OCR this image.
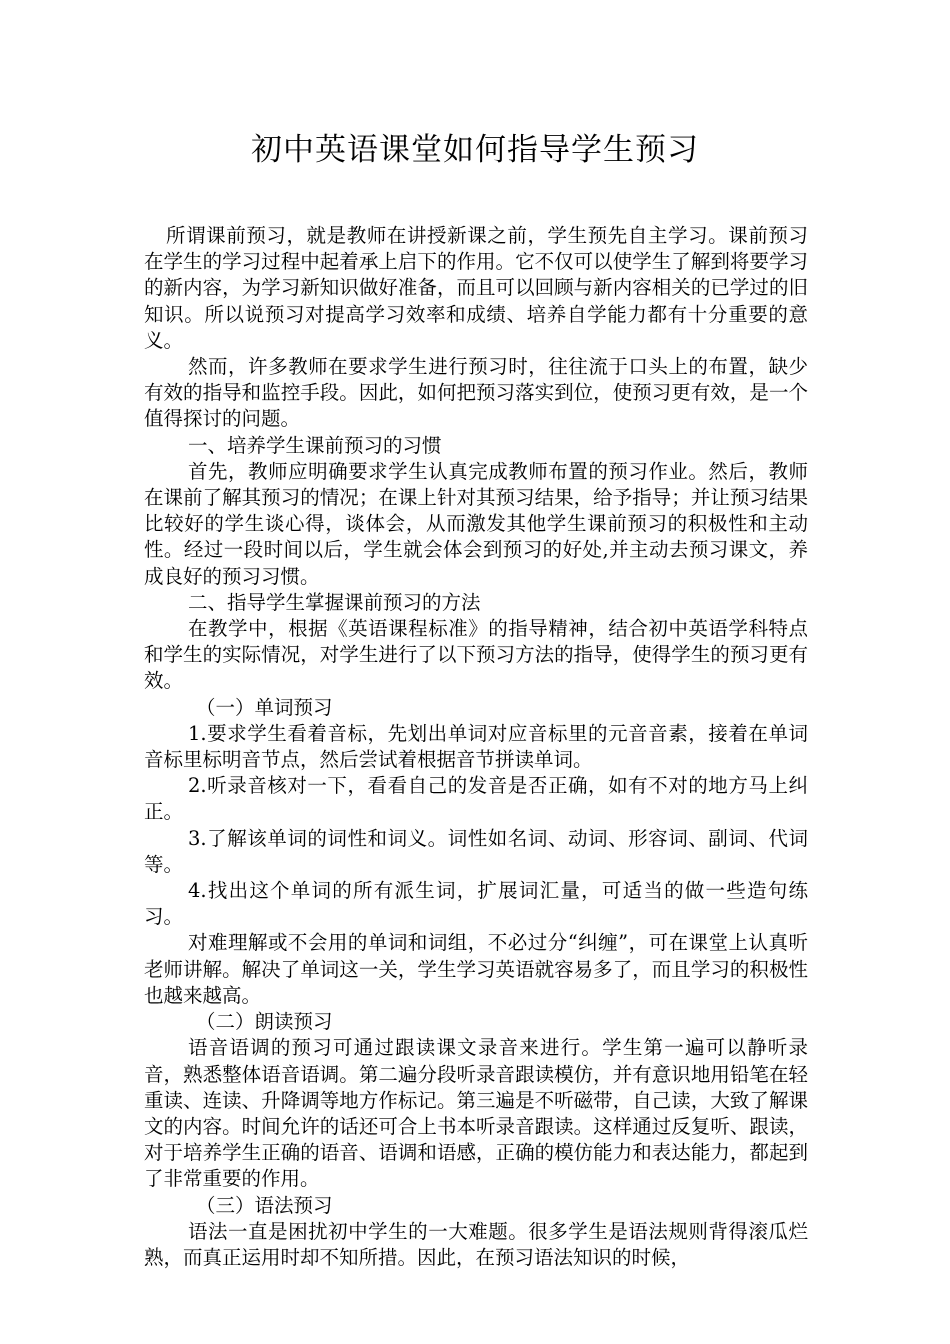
初中英语课堂如何指导学生预习

所谓课前预习，就是教师在讲授新课之前，学生预先自主学习。课前预习在学生的学习过程中起着承上启下的作用。它不仅可以使学生了解到将要学习的新内容，为学习新知识做好准备，而且可以回顾与新内容相关的已学过的旧知识。所以说预习对提高学习效率和成绩、培养自学能力都有十分重要的意义。

然而，许多教师在要求学生进行预习时，往往流于口头上的布置，缺少有效的指导和监控手段。因此，如何把预习落实到位，使预习更有效，是一个值得探讨的问题。

一、培养学生课前预习的习惯

首先，教师应明确要求学生认真完成教师布置的预习作业。然后，教师在课前了解其预习的情况；在课上针对其预习结果，给予指导；并让预习结果比较好的学生谈心得，谈体会，从而激发其他学生课前预习的积极性和主动性。经过一段时间以后，学生就会体会到预习的好处,并主动去预习课文，养成良好的预习习惯。

二、指导学生掌握课前预习的方法

在教学中，根据《英语课程标准》的指导精神，结合初中英语学科特点和学生的实际情况，对学生进行了以下预习方法的指导，使得学生的预习更有效。

（一）单词预习

1.要求学生看着音标，先划出单词对应音标里的元音音素，接着在单词音标里标明音节点，然后尝试着根据音节拼读单词。

2.听录音核对一下，看看自己的发音是否正确，如有不对的地方马上纠正。

3.了解该单词的词性和词义。词性如名词、动词、形容词、副词、代词等。

4.找出这个单词的所有派生词，扩展词汇量，可适当的做一些造句练习。

对难理解或不会用的单词和词组，不必过分“纠缠”，可在课堂上认真听老师讲解。解决了单词这一关，学生学习英语就容易多了，而且学习的积极性也越来越高。

（二）朗读预习

语音语调的预习可通过跟读课文录音来进行。学生第一遍可以静听录音，熟悉整体语音语调。第二遍分段听录音跟读模仿，并有意识地用铅笔在轻重读、连读、升降调等地方作标记。第三遍是不听磁带，自己读，大致了解课文的内容。时间允许的话还可合上书本听录音跟读。这样通过反复听、跟读，对于培养学生正确的语音、语调和语感，正确的模仿能力和表达能力，都起到了非常重要的作用。

（三）语法预习

语法一直是困扰初中学生的一大难题。很多学生是语法规则背得滚瓜烂熟，而真正运用时却不知所措。因此，在预习语法知识的时候，
